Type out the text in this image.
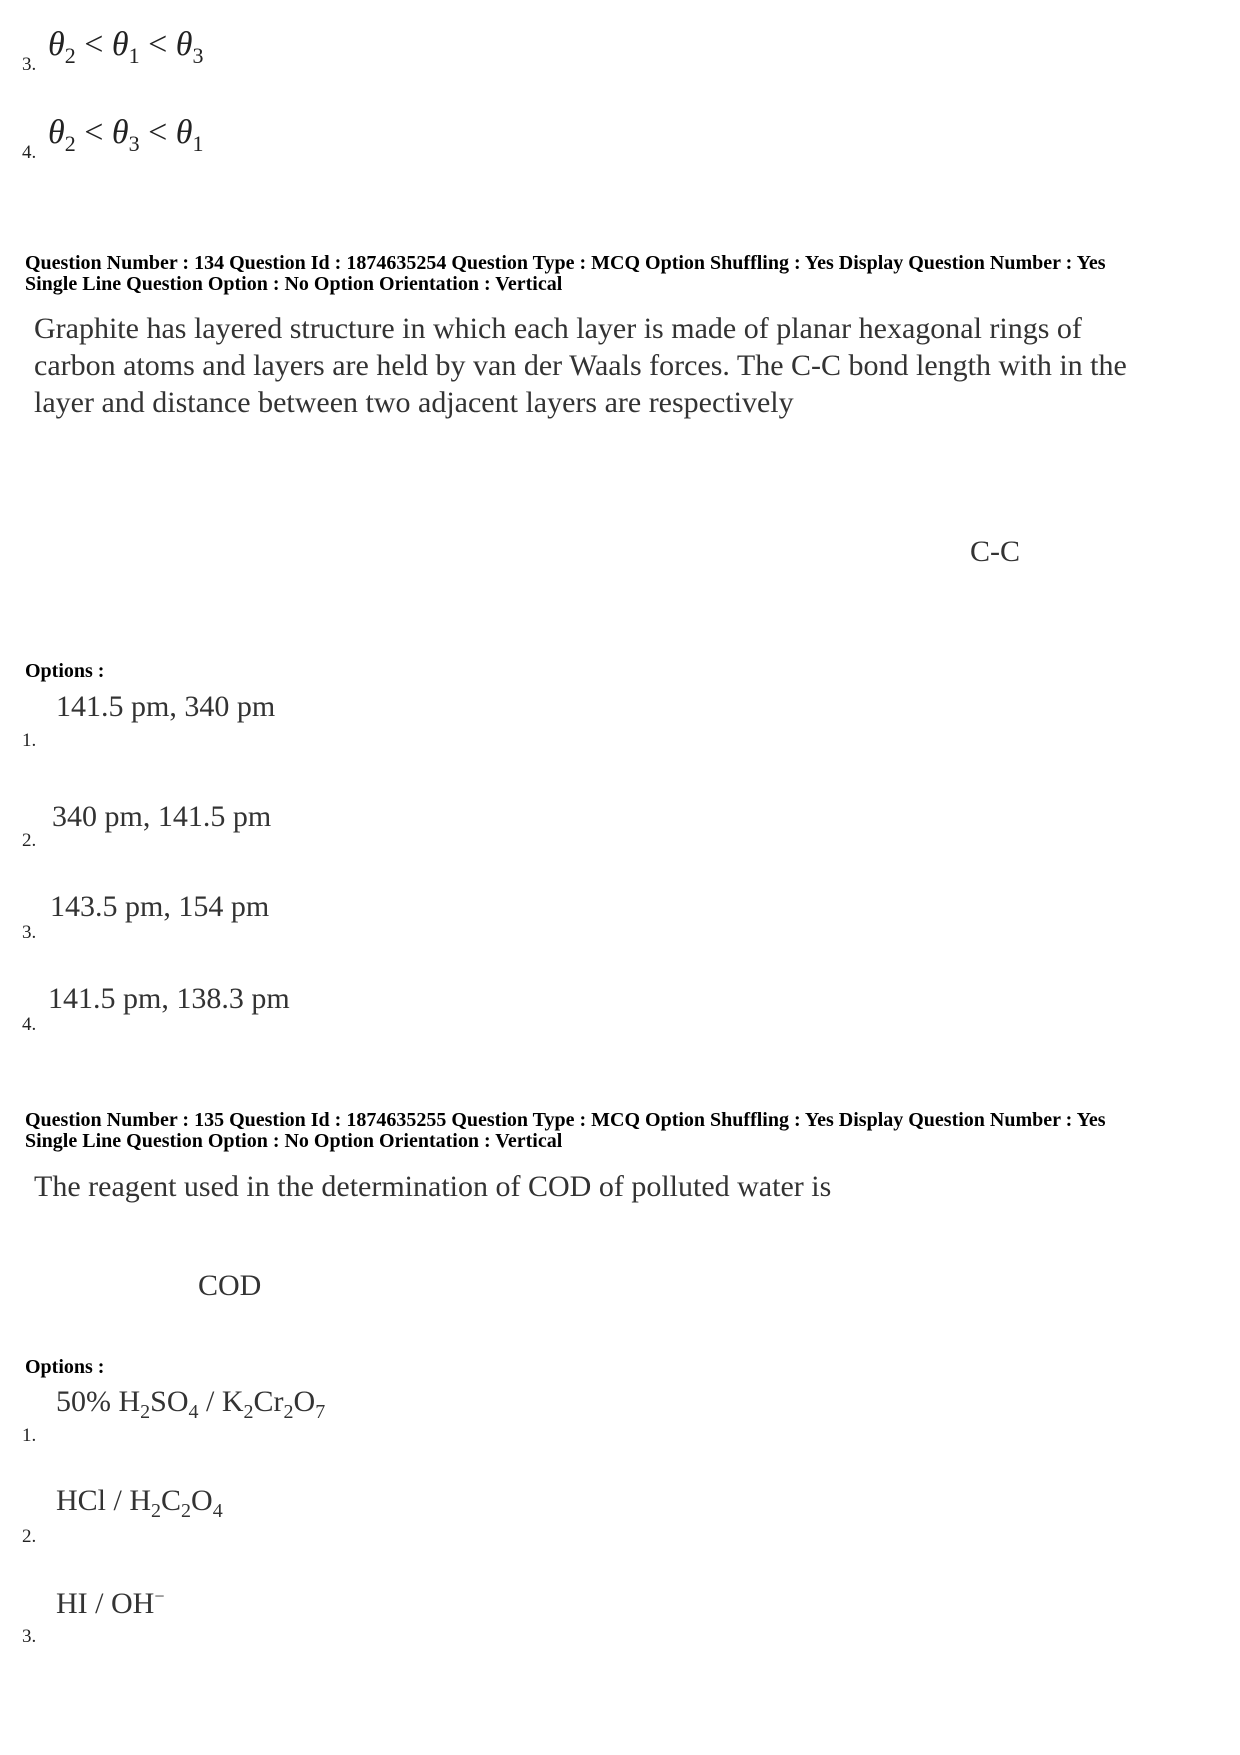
3.
$\theta_2 < \theta_1 < \theta_3$
4.
$\theta_2 < \theta_3 < \theta_1$
Question Number : 134 Question Id : 1874635254 Question Type : MCQ Option Shuffling : Yes Display Question Number : Yes
Single Line Question Option : No Option Orientation : Vertical
Graphite has layered structure in which each layer is made of planar hexagonal rings of
carbon atoms and layers are held by van der Waals forces. The C-C bond length with in the
layer and distance between two adjacent layers are respectively
C-C
Options :
1.
141.5 pm, 340 pm
2.
340 pm, 141.5 pm
3.
143.5 pm, 154 pm
4.
141.5 pm, 138.3 pm
Question Number : 135 Question Id : 1874635255 Question Type : MCQ Option Shuffling : Yes Display Question Number : Yes
Single Line Question Option : No Option Orientation : Vertical
The reagent used in the determination of COD of polluted water is
COD
Options :
1.
50% $H_2SO_4 / K_2Cr_2O_7$
2.
HCl / $H_2C_2O_4$
3.
HI / OH−
